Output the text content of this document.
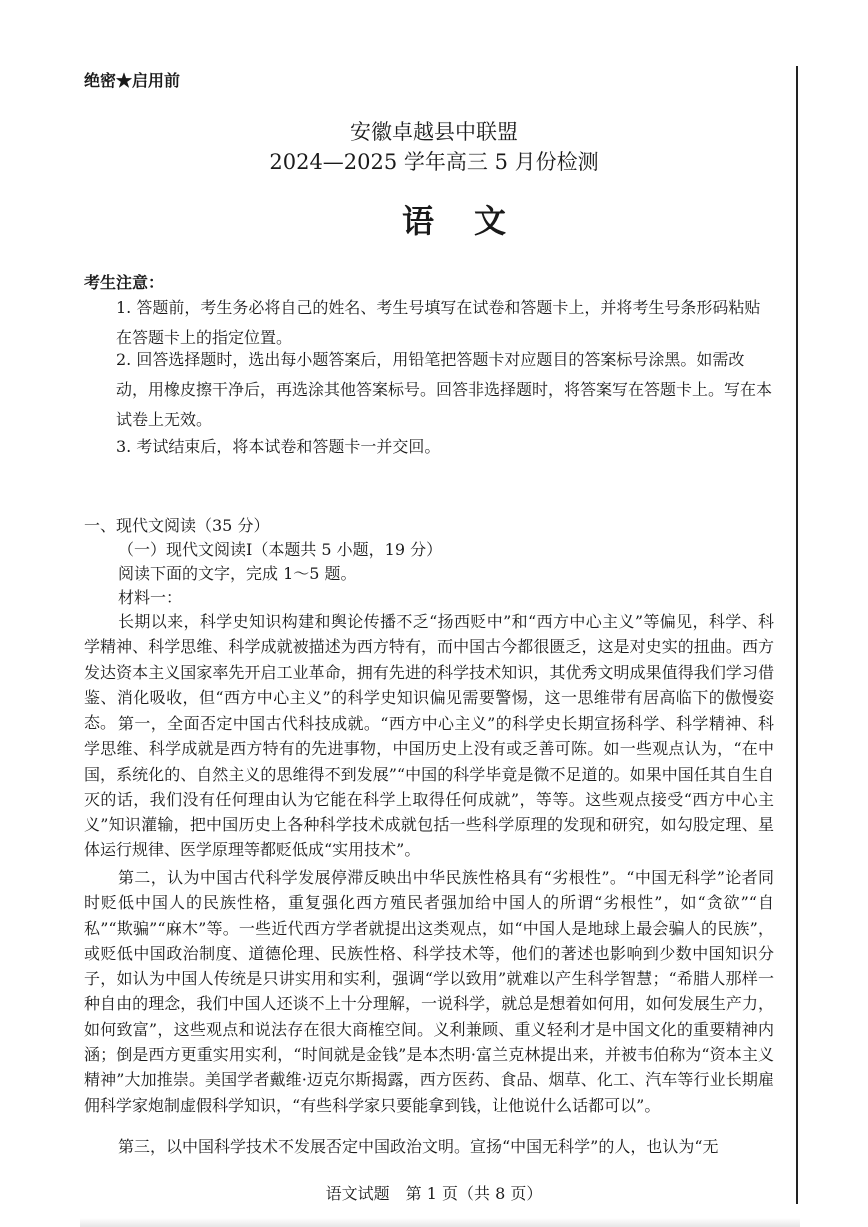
绝密★启用前
安徽卓越县中联盟
2024—2025 学年高三 5 月份检测
语文
考生注意：
1. 答题前，考生务必将自己的姓名、考生号填写在试卷和答题卡上，并将考生号条形码粘贴在答题卡上的指定位置。
2. 回答选择题时，选出每小题答案后，用铅笔把答题卡对应题目的答案标号涂黑。如需改动，用橡皮擦干净后，再选涂其他答案标号。回答非选择题时，将答案写在答题卡上。写在本试卷上无效。
3. 考试结束后，将本试卷和答题卡一并交回。
一、现代文阅读（35 分）
（一）现代文阅读Ⅰ（本题共 5 小题，19 分）
阅读下面的文字，完成 1～5 题。
材料一：
长期以来，科学史知识构建和舆论传播不乏“扬西贬中”和“西方中心主义”等偏见，科学、科学精神、科学思维、科学成就被描述为西方特有，而中国古今都很匮乏，这是对史实的扭曲。西方发达资本主义国家率先开启工业革命，拥有先进的科学技术知识，其优秀文明成果值得我们学习借鉴、消化吸收，但“西方中心主义”的科学史知识偏见需要警惕，这一思维带有居高临下的傲慢姿态。 第一，全面否定中国古代科技成就。“西方中心主义”的科学史长期宣扬科学、科学精神、科学思维、科学成就是西方特有的先进事物，中国历史上没有或乏善可陈。如一些观点认为，“在中国，系统化的、自然主义的思维得不到发展”“中国的科学毕竟是微不足道的。如果中国任其自生自灭的话，我们没有任何理由认为它能在科学上取得任何成就”，等等。这些观点接受“西方中心主义”知识灌输，把中国历史上各种科学技术成就包括一些科学原理的发现和研究，如勾股定理、星体运行规律、医学原理等都贬低成“实用技术”。
第二，认为中国古代科学发展停滞反映出中华民族性格具有“劣根性”。“中国无科学”论者同时贬低中国人的民族性格，重复强化西方殖民者强加给中国人的所谓“劣根性”，如“贪欲”“自私”“欺骗”“麻木”等。一些近代西方学者就提出这类观点，如“中国人是地球上最会骗人的民族”，或贬低中国政治制度、道德伦理、民族性格、科学技术等，他们的著述也影响到少数中国知识分子，如认为中国人传统是只讲实用和实利，强调“学以致用”就难以产生科学智慧；“希腊人那样一种自由的理念，我们中国人还谈不上十分理解，一说科学，就总是想着如何用，如何发展生产力，如何致富”，这些观点和说法存在很大商榷空间。义利兼顾、重义轻利才是中国文化的重要精神内涵；倒是西方更重实用实利，“时间就是金钱”是本杰明·富兰克林提出来，并被韦伯称为“资本主义精神”大加推崇。美国学者戴维·迈克尔斯揭露，西方医药、食品、烟草、化工、汽车等行业长期雇佣科学家炮制虚假科学知识，“有些科学家只要能拿到钱，让他说什么话都可以”。
第三，以中国科学技术不发展否定中国政治文明。宣扬“中国无科学”的人，也认为“无
语文试题　第 1 页（共 8 页）
